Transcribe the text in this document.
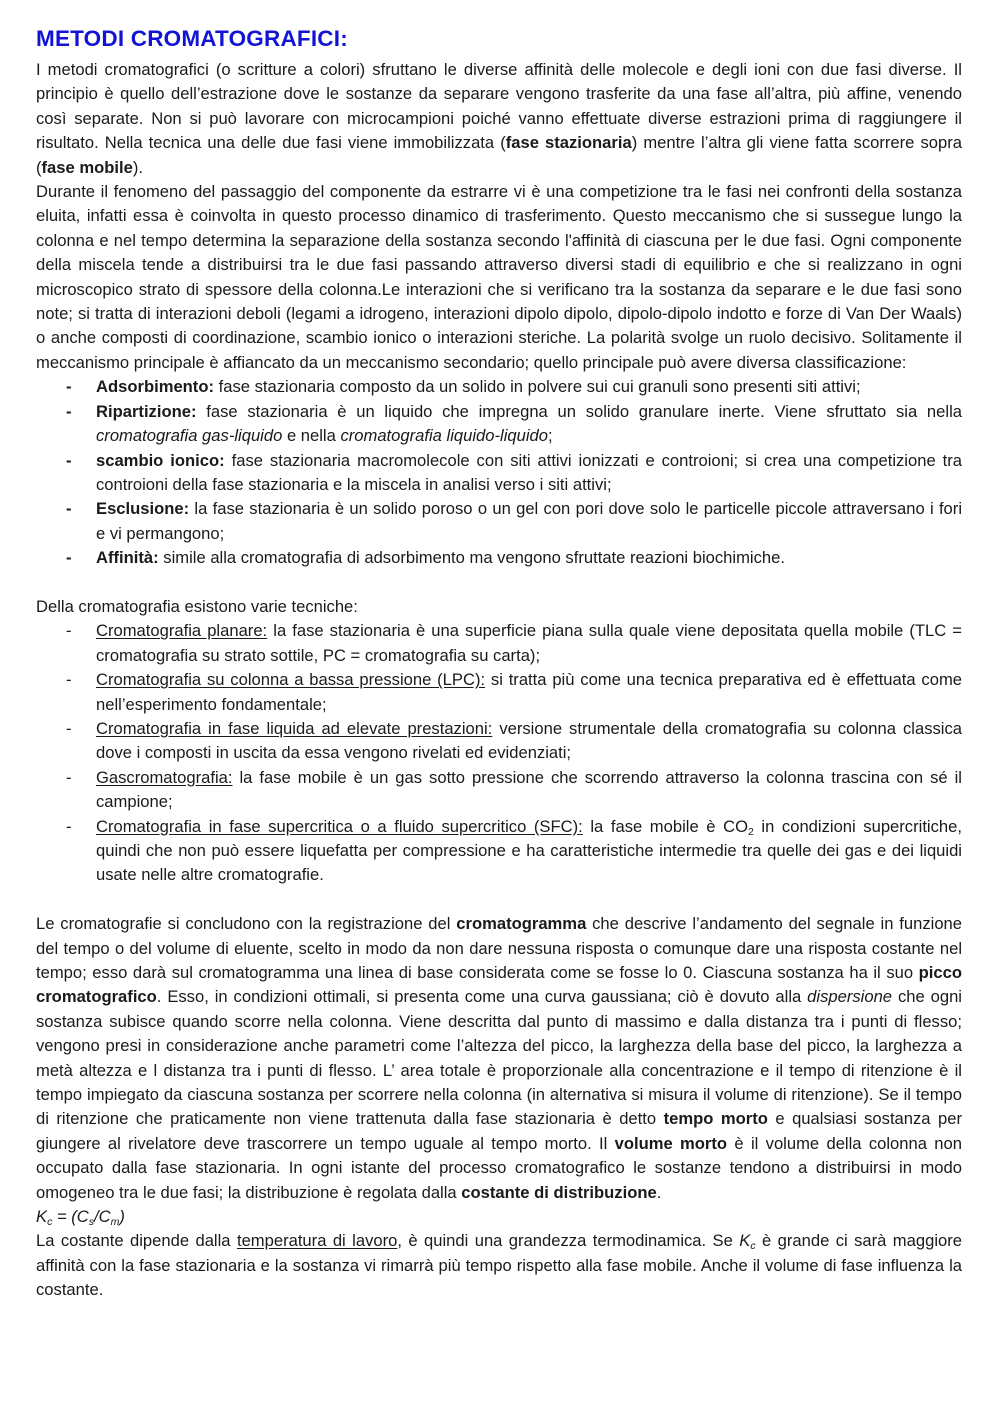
METODI CROMATOGRAFICI:

I metodi cromatografici (o scritture a colori) sfruttano le diverse affinità delle molecole e degli ioni con due fasi diverse. Il principio è quello dell’estrazione dove le sostanze da separare vengono trasferite da una fase all’altra, più affine, venendo così separate. Non si può lavorare con microcampioni poiché vanno effettuate diverse estrazioni prima di raggiungere il risultato. Nella tecnica una delle due fasi viene immobilizzata (fase stazionaria) mentre l’altra gli viene fatta scorrere sopra (fase mobile).

Durante il fenomeno del passaggio del componente da estrarre vi è una competizione tra le fasi nei confronti della sostanza eluita, infatti essa è coinvolta in questo processo dinamico di trasferimento. Questo meccanismo che si sussegue lungo la colonna e nel tempo determina la separazione della sostanza secondo l'affinità di ciascuna per le due fasi. Ogni componente della miscela tende a distribuirsi tra le due fasi passando attraverso diversi stadi di equilibrio e che si realizzano in ogni microscopico strato di spessore della colonna.Le interazioni che si verificano tra la sostanza da separare e le due fasi sono note; si tratta di interazioni deboli (legami a idrogeno, interazioni dipolo dipolo, dipolo-dipolo indotto e forze di Van Der Waals) o anche composti di coordinazione, scambio ionico o interazioni steriche. La polarità svolge un ruolo decisivo. Solitamente il meccanismo principale è affiancato da un meccanismo secondario; quello principale può avere diversa classificazione:

- Adsorbimento: fase stazionaria composto da un solido in polvere sui cui granuli sono presenti siti attivi;
- Ripartizione: fase stazionaria è un liquido che impregna un solido granulare inerte. Viene sfruttato sia nella cromatografia gas-liquido e nella cromatografia liquido-liquido;
- scambio ionico: fase stazionaria macromolecole con siti attivi ionizzati e controioni; si crea una competizione tra controioni della fase stazionaria e la miscela in analisi verso i siti attivi;
- Esclusione: la fase stazionaria è un solido poroso o un gel con pori dove solo le particelle piccole attraversano i fori e vi permangono;
- Affinità: simile alla cromatografia di adsorbimento ma vengono sfruttate reazioni biochimiche.

Della cromatografia esistono varie tecniche:

- Cromatografia planare: la fase stazionaria è una superficie piana sulla quale viene depositata quella mobile (TLC = cromatografia su strato sottile, PC = cromatografia su carta);
- Cromatografia su colonna a bassa pressione (LPC): si tratta più come una tecnica preparativa ed è effettuata come nell’esperimento fondamentale;
- Cromatografia in fase liquida ad elevate prestazioni: versione strumentale della cromatografia su colonna classica dove i composti in uscita da essa vengono rivelati ed evidenziati;
- Gascromatografia: la fase mobile è un gas sotto pressione che scorrendo attraverso la colonna trascina con sé il campione;
- Cromatografia in fase supercritica o a fluido supercritico (SFC): la fase mobile è $CO_2$ in condizioni supercritiche, quindi che non può essere liquefatta per compressione e ha caratteristiche intermedie tra quelle dei gas e dei liquidi usate nelle altre cromatografie.

Le cromatografie si concludono con la registrazione del cromatogramma che descrive l’andamento del segnale in funzione del tempo o del volume di eluente, scelto in modo da non dare nessuna risposta o comunque dare una risposta costante nel tempo; esso darà sul cromatogramma una linea di base considerata come se fosse lo 0. Ciascuna sostanza ha il suo picco cromatografico. Esso, in condizioni ottimali, si presenta come una curva gaussiana; ciò è dovuto alla dispersione che ogni sostanza subisce quando scorre nella colonna. Viene descritta dal punto di massimo e dalla distanza tra i punti di flesso; vengono presi in considerazione anche parametri come l’altezza del picco, la larghezza della base del picco, la larghezza a metà altezza e l distanza tra i punti di flesso. L’ area totale è proporzionale alla concentrazione e il tempo di ritenzione è il tempo impiegato da ciascuna sostanza per scorrere nella colonna (in alternativa si misura il volume di ritenzione). Se il tempo di ritenzione che praticamente non viene trattenuta dalla fase stazionaria è detto tempo morto e qualsiasi sostanza per giungere al rivelatore deve trascorrere un tempo uguale al tempo morto. Il volume morto è il volume della colonna non occupato dalla fase stazionaria. In ogni istante del processo cromatografico le sostanze tendono a distribuirsi in modo omogeneo tra le due fasi; la distribuzione è regolata dalla costante di distribuzione.

$K_c = (C_s/C_m)$

La costante dipende dalla temperatura di lavoro, è quindi una grandezza termodinamica. Se $K_c$ è grande ci sarà maggiore affinità con la fase stazionaria e la sostanza vi rimarrà più tempo rispetto alla fase mobile. Anche il volume di fase influenza la costante.
